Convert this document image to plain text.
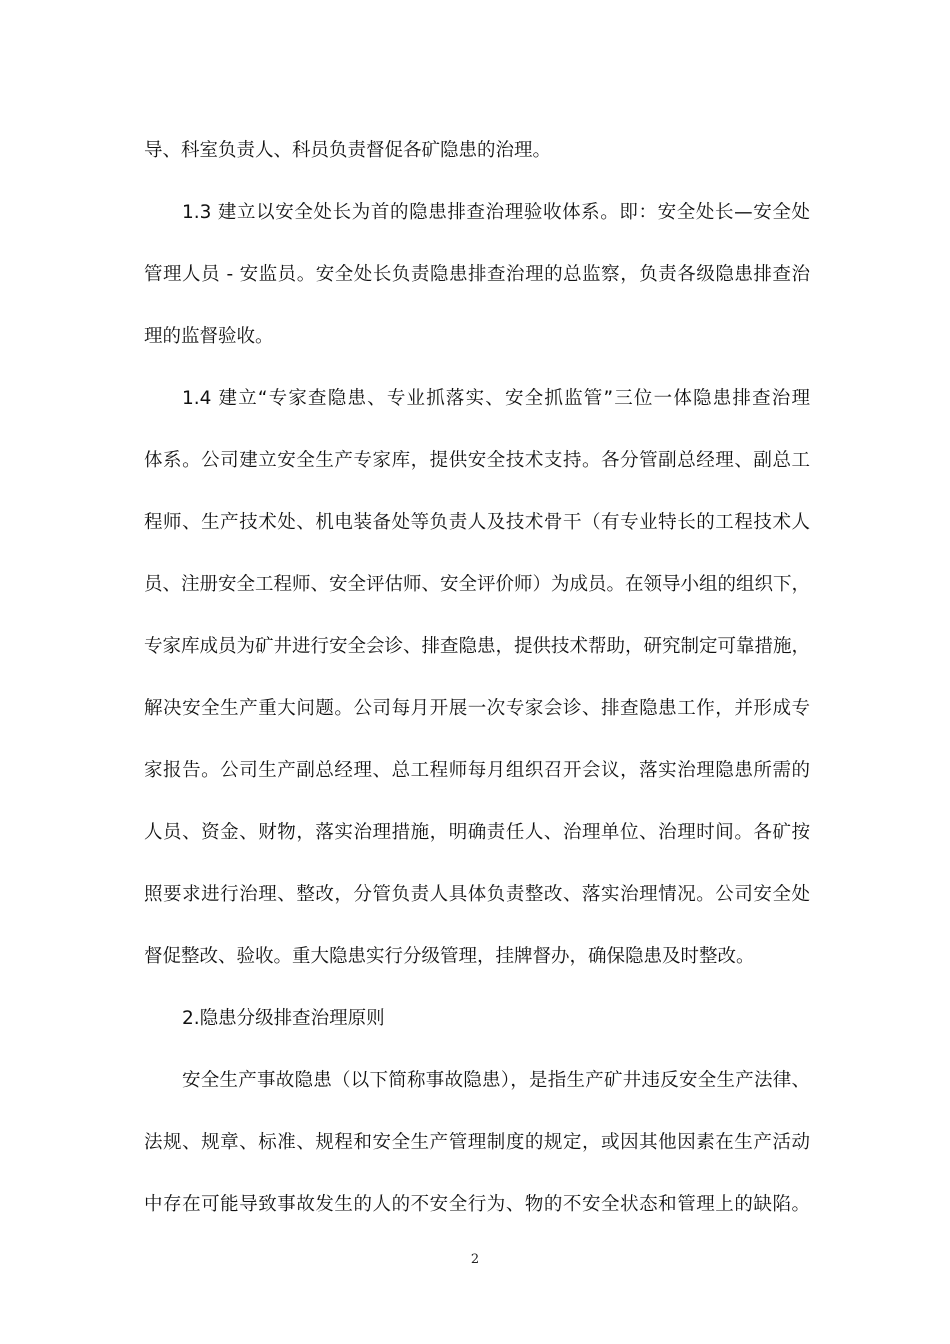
导、科室负责人、科员负责督促各矿隐患的治理。
1.3 建立以安全处长为首的隐患排查治理验收体系。即：安全处长—安全处
管理人员 - 安监员。安全处长负责隐患排查治理的总监察，负责各级隐患排查治
理的监督验收。
1.4 建立“专家查隐患、专业抓落实、安全抓监管”三位一体隐患排查治理
体系。公司建立安全生产专家库，提供安全技术支持。各分管副总经理、副总工
程师、生产技术处、机电装备处等负责人及技术骨干（有专业特长的工程技术人
员、注册安全工程师、安全评估师、安全评价师）为成员。在领导小组的组织下，
专家库成员为矿井进行安全会诊、排查隐患，提供技术帮助，研究制定可靠措施，
解决安全生产重大问题。公司每月开展一次专家会诊、排查隐患工作，并形成专
家报告。公司生产副总经理、总工程师每月组织召开会议，落实治理隐患所需的
人员、资金、财物，落实治理措施，明确责任人、治理单位、治理时间。各矿按
照要求进行治理、整改，分管负责人具体负责整改、落实治理情况。公司安全处
督促整改、验收。重大隐患实行分级管理，挂牌督办，确保隐患及时整改。
2.隐患分级排查治理原则
安全生产事故隐患（以下简称事故隐患），是指生产矿井违反安全生产法律、
法规、规章、标准、规程和安全生产管理制度的规定，或因其他因素在生产活动
中存在可能导致事故发生的人的不安全行为、物的不安全状态和管理上的缺陷。
2
